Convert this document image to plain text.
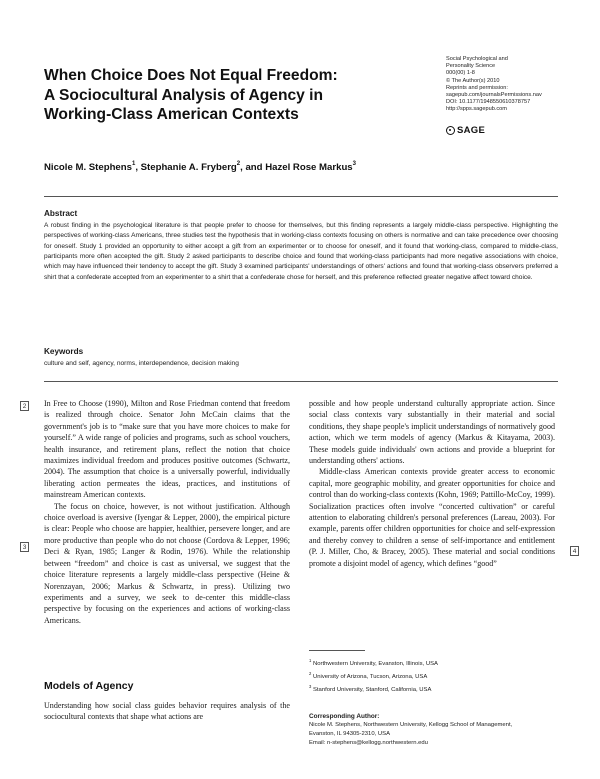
Social Psychological and
Personality Science
000(00) 1-8
© The Author(s) 2010
Reprints and permission:
sagepub.com/journalsPermissions.nav
DOI: 10.1177/1948550610378757
http://spps.sagepub.com
SAGE
When Choice Does Not Equal Freedom:
A Sociocultural Analysis of Agency in
Working-Class American Contexts
Nicole M. Stephens$^1$, Stephanie A. Fryberg$^2$, and Hazel Rose Markus$^3$
Abstract
A robust finding in the psychological literature is that people prefer to choose for themselves, but this finding represents a largely middle-class perspective. Highlighting the perspectives of working-class Americans, three studies test the hypothesis that in working-class contexts focusing on others is normative and can take precedence over choosing for oneself. Study 1 provided an opportunity to either accept a gift from an experimenter or to choose for oneself, and it found that working-class, compared to middle-class, participants more often accepted the gift. Study 2 asked participants to describe choice and found that working-class participants had more negative associations with choice, which may have influenced their tendency to accept the gift. Study 3 examined participants' understandings of others' actions and found that working-class observers preferred a shirt that a confederate accepted from an experimenter to a shirt that a confederate chose for herself, and this preference reflected greater negative affect toward choice.
Keywords
culture and self, agency, norms, interdependence, decision making

In Free to Choose (1990), Milton and Rose Friedman contend that freedom is realized through choice. Senator John McCain claims that the government's job is to “make sure that you have more choices to make for yourself.” A wide range of policies and programs, such as school vouchers, health insurance, and retirement plans, reflect the notion that choice maximizes individual freedom and produces positive outcomes (Schwartz, 2004). The assumption that choice is a universally powerful, individually liberating action permeates the ideas, practices, and institutions of mainstream American contexts.

The focus on choice, however, is not without justification. Although choice overload is aversive (Iyengar & Lepper, 2000), the empirical picture is clear: People who choose are happier, healthier, persevere longer, and are more productive than people who do not choose (Cordova & Lepper, 1996; Deci & Ryan, 1985; Langer & Rodin, 1976). While the relationship between “freedom” and choice is cast as universal, we suggest that the choice literature represents a largely middle-class perspective (Heine & Norenzayan, 2006; Markus & Schwartz, in press). Utilizing two experiments and a survey, we seek to de-center this middle-class perspective by focusing on the experiences and actions of working-class Americans.

Models of Agency

Understanding how social class guides behavior requires analysis of the sociocultural contexts that shape what actions are

possible and how people understand culturally appropriate action. Since social class contexts vary substantially in their material and social conditions, they shape people's implicit understandings of normatively good action, which we term models of agency (Markus & Kitayama, 2003). These models guide individuals' own actions and provide a blueprint for understanding others' actions.

Middle-class American contexts provide greater access to economic capital, more geographic mobility, and greater opportunities for choice and control than do working-class contexts (Kohn, 1969; Pattillo-McCoy, 1999). Socialization practices often involve “concerted cultivation” or careful attention to elaborating children's personal preferences (Lareau, 2003). For example, parents offer children opportunities for choice and self-expression and thereby convey to children a sense of self-importance and entitlement (P. J. Miller, Cho, & Bracey, 2005). These material and social conditions promote a disjoint model of agency, which defines “good”

2
3
4
$^1$ Northwestern University, Evanston, Illinois, USA
$^2$ University of Arizona, Tucson, Arizona, USA
$^3$ Stanford University, Stanford, California, USA
Corresponding Author:
Nicole M. Stephens, Northwestern University, Kellogg School of Management,
Evanston, IL 94305-2310, USA
Email: n-stephens@kellogg.northwestern.edu
